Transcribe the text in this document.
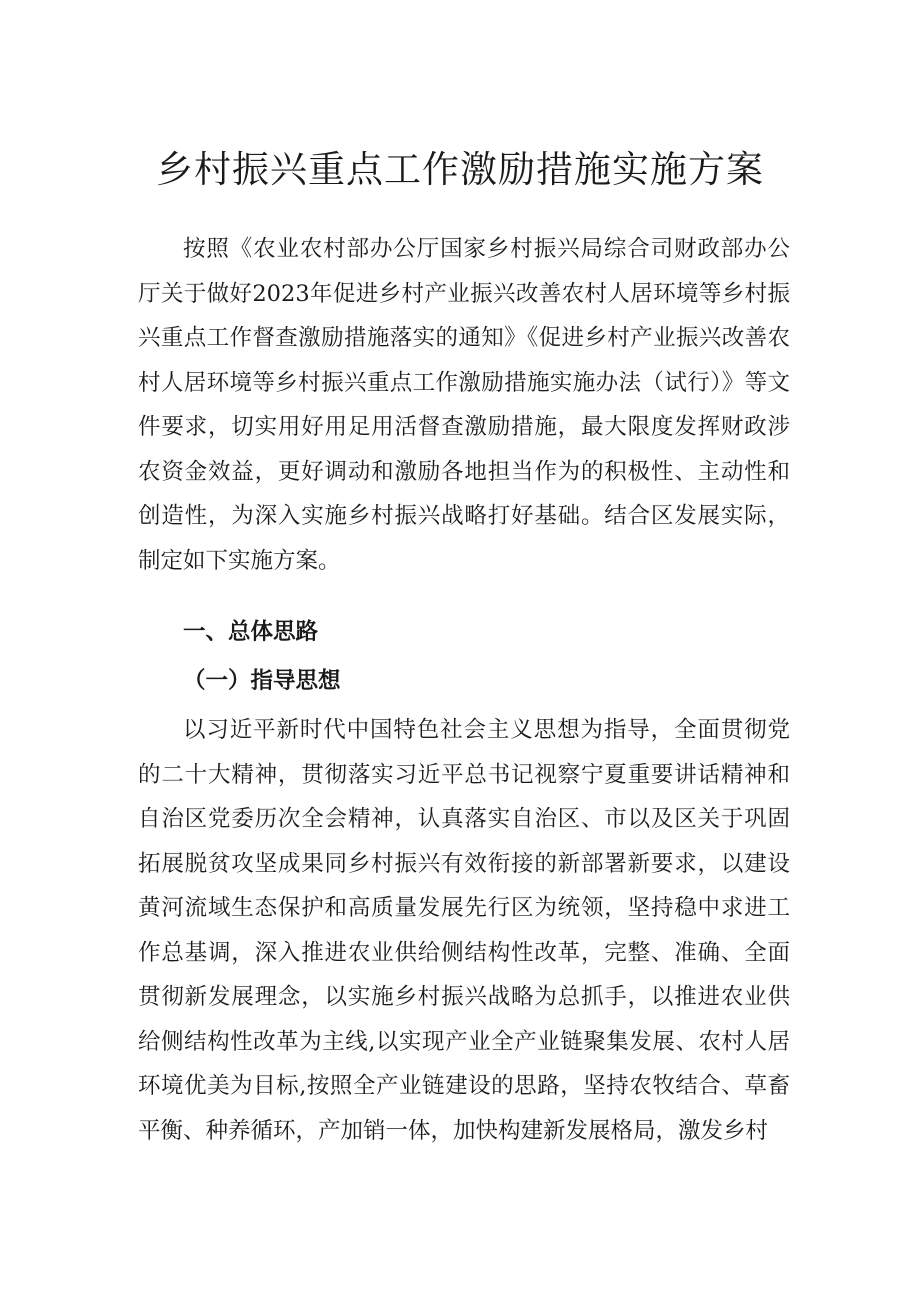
乡村振兴重点工作激励措施实施方案

按照《农业农村部办公厅国家乡村振兴局综合司财政部办公厅关于做好2023年促进乡村产业振兴改善农村人居环境等乡村振兴重点工作督查激励措施落实的通知》《促进乡村产业振兴改善农村人居环境等乡村振兴重点工作激励措施实施办法（试行）》等文件要求，切实用好用足用活督查激励措施，最大限度发挥财政涉农资金效益，更好调动和激励各地担当作为的积极性、主动性和创造性，为深入实施乡村振兴战略打好基础。结合区发展实际，制定如下实施方案。

一、总体思路
（一）指导思想

以习近平新时代中国特色社会主义思想为指导，全面贯彻党的二十大精神，贯彻落实习近平总书记视察宁夏重要讲话精神和自治区党委历次全会精神，认真落实自治区、市以及区关于巩固拓展脱贫攻坚成果同乡村振兴有效衔接的新部署新要求，以建设黄河流域生态保护和高质量发展先行区为统领，坚持稳中求进工作总基调，深入推进农业供给侧结构性改革，完整、准确、全面贯彻新发展理念，以实施乡村振兴战略为总抓手，以推进农业供给侧结构性改革为主线,以实现产业全产业链聚集发展、农村人居环境优美为目标,按照全产业链建设的思路，坚持农牧结合、草畜平衡、种养循环，产加销一体，加快构建新发展格局，激发乡村
